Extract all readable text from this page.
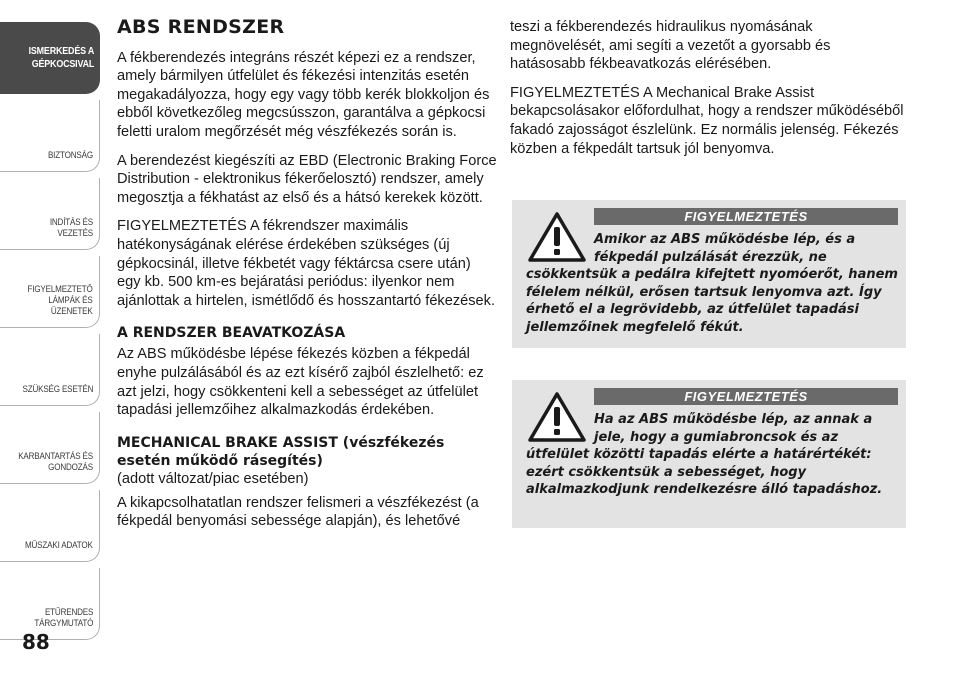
ISMERKEDÉS A
GÉPKOCSIVAL
BIZTONSÁG
INDÍTÁS ÉS VEZETÉS
FIGYELMEZTETŐ
LÁMPÁK ÉS
ÜZENETEK
SZÜKSÉG ESETÉN
KARBANTARTÁS ÉS
GONDOZÁS
MŰSZAKI ADATOK
ETŰRENDES
TÁRGYMUTATÓ
88
ABS RENDSZER

A fékberendezés integráns részét képezi ez a rendszer, amely bármilyen útfelület és fékezési intenzitás esetén megakadályozza, hogy egy vagy több kerék blokkoljon és ebből következőleg megcsússzon, garantálva a gépkocsi feletti uralom megőrzését még vészfékezés során is.

A berendezést kiegészíti az EBD (Electronic Braking Force Distribution - elektronikus fékerőelosztó) rendszer, amely megosztja a fékhatást az első és a hátsó kerekek között.

FIGYELMEZTETÉS A fékrendszer maximális hatékonyságának elérése érdekében szükséges (új gépkocsinál, illetve fékbetét vagy féktárcsa csere után) egy kb. 500 km-es bejáratási periódus: ilyenkor nem ajánlottak a hirtelen, ismétlődő és hosszantartó fékezések.

A RENDSZER BEAVATKOZÁSA

Az ABS működésbe lépése fékezés közben a fékpedál enyhe pulzálásából és az ezt kísérő zajból észlelhető: ez azt jelzi, hogy csökkenteni kell a sebességet az útfelület tapadási jellemzőihez alkalmazkodás érdekében.

MECHANICAL BRAKE ASSIST (vészfékezés esetén működő rásegítés)
(adott változat/piac esetében)

A kikapcsolhatatlan rendszer felismeri a vészfékezést (a fékpedál benyomási sebessége alapján), és lehetővé

teszi a fékberendezés hidraulikus nyomásának megnövelését, ami segíti a vezetőt a gyorsabb és hatásosabb fékbeavatkozás elérésében.

FIGYELMEZTETÉS A Mechanical Brake Assist bekapcsolásakor előfordulhat, hogy a rendszer működéséből fakadó zajosságot észlelünk. Ez normális jelenség. Fékezés közben a fékpedált tartsuk jól benyomva.

FIGYELMEZTETÉS
Amikor az ABS működésbe lép, és a fékpedál pulzálását érezzük, ne
csökkentsük a pedálra kifejtett nyomóerőt, hanem félelem nélkül, erősen tartsuk lenyomva azt. Így érhető el a legrövidebb, az útfelület tapadási jellemzőinek megfelelő fékút.
FIGYELMEZTETÉS
Ha az ABS működésbe lép, az annak a jele, hogy a gumiabroncsok és az
útfelület közötti tapadás elérte a határértékét: ezért csökkentsük a sebességet, hogy alkalmazkodjunk rendelkezésre álló tapadáshoz.
